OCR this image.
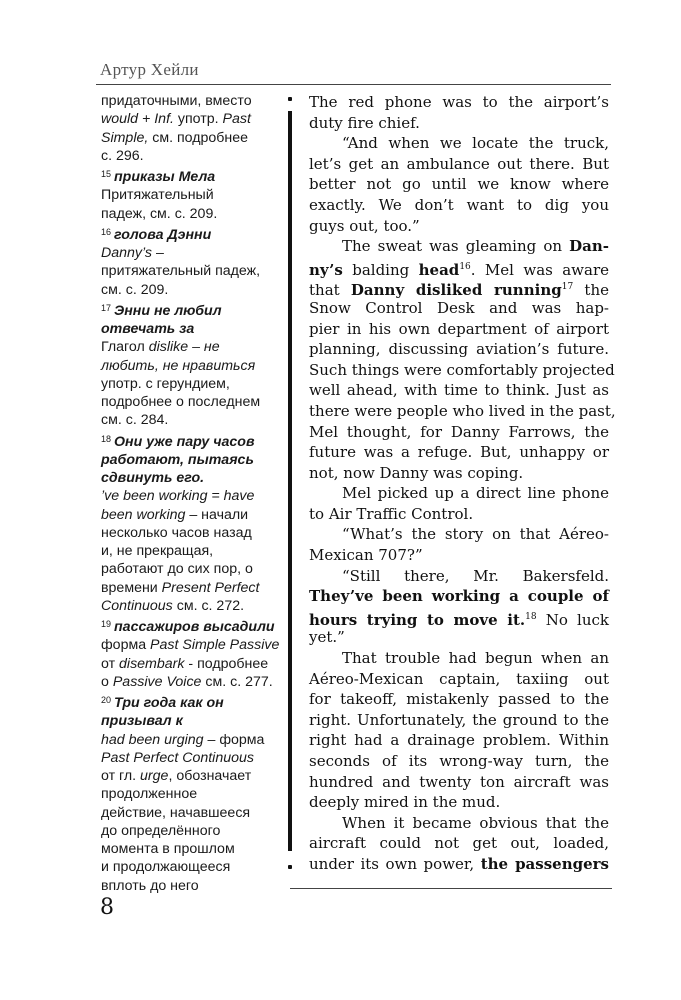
Артур Хейли
придаточными, вместо
would + Inf. употр. Past
Simple, см. подробнее
с. 296.
$^{15}$ приказы Мела
Притяжательный
падеж, см. с. 209.
$^{16}$ голова Дэнни
Danny’s –
притяжательный падеж,
см. с. 209.
$^{17}$ Энни не любил
отвечать за
Глагол dislike – не
любить, не нравиться
употр. с герундием,
подробнее о последнем
см. с. 284.
$^{18}$ Они уже пару часов
работают, пытаясь
сдвинуть его.
’ve been working = have
been working – начали
несколько часов назад
и, не прекращая,
работают до сих пор, о
времени Present Perfect
Continuous см. с. 272.
$^{19}$ пассажиров высадили
форма Past Simple Passive
от disembark - подробнее
о Passive Voice см. с. 277.
$^{20}$ Три года как он
призывал к
had been urging – форма
Past Perfect Continuous
от гл. urge, обозначает
продолженное
действие, начавшееся
до определённого
момента в прошлом
и продолжающееся
вплоть до него
The red phone was to the airport’s
duty fire chief.
“And when we locate the truck,
let’s get an ambulance out there. But
better not go until we know where
exactly. We don’t want to dig you
guys out, too.”
The sweat was gleaming on Dan-
ny’s balding head$^{16}$. Mel was aware
that Danny disliked running$^{17}$ the
Snow Control Desk and was hap-
pier in his own department of airport
planning, discussing aviation’s future.
Such things were comfortably projected
well ahead, with time to think. Just as
there were people who lived in the past,
Mel thought, for Danny Farrows, the
future was a refuge. But, unhappy or
not, now Danny was coping.
Mel picked up a direct line phone
to Air Traffic Control.
“What’s the story on that Aéreo-
Mexican 707?”
“Still there, Mr. Bakersfeld.
They’ve been working a couple of
hours trying to move it.$^{18}$ No luck
yet.”
That trouble had begun when an
Aéreo-Mexican captain, taxiing out
for takeoff, mistakenly passed to the
right. Unfortunately, the ground to the
right had a drainage problem. Within
seconds of its wrong-way turn, the
hundred and twenty ton aircraft was
deeply mired in the mud.
When it became obvious that the
aircraft could not get out, loaded,
under its own power, the passengers
8
